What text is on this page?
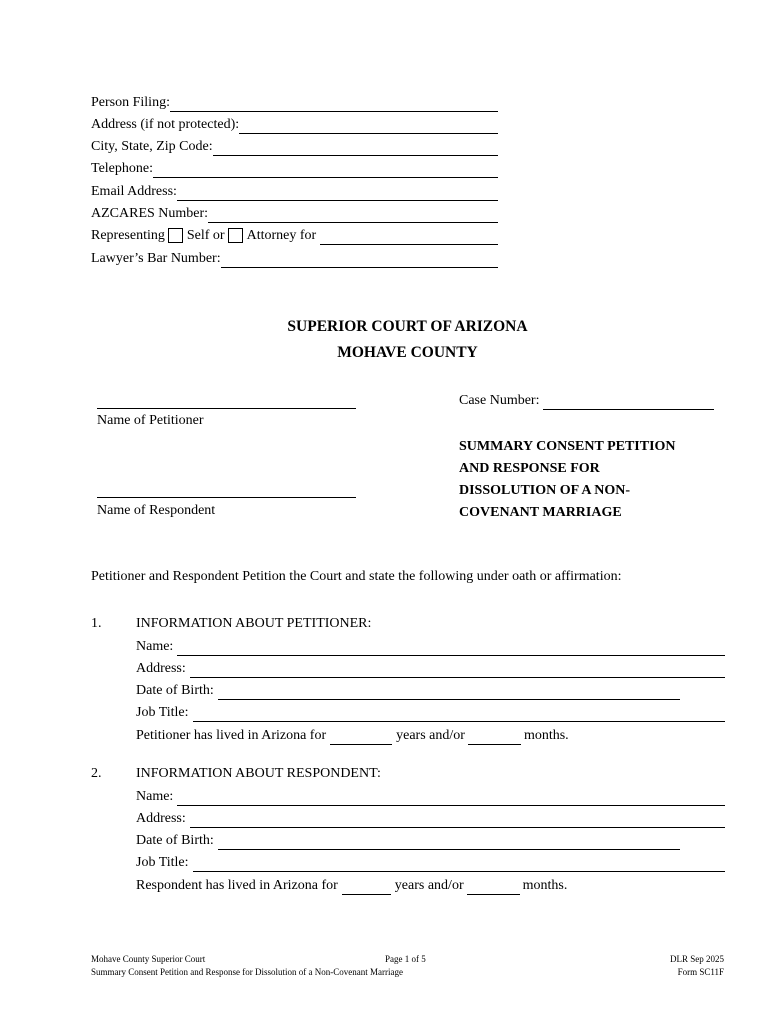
Person Filing:
Address (if not protected):
City, State, Zip Code:
Telephone:
Email Address:
AZCARES Number:
Representing Self or Attorney for
Lawyer’s Bar Number:
SUPERIOR COURT OF ARIZONA
MOHAVE COUNTY
Name of Petitioner
Name of Respondent
Case Number:
SUMMARY CONSENT PETITION
AND RESPONSE FOR
DISSOLUTION OF A NON-
COVENANT MARRIAGE
Petitioner and Respondent Petition the Court and state the following under oath or affirmation:
1. INFORMATION ABOUT PETITIONER:
Name:
Address:
Date of Birth:
Job Title:
Petitioner has lived in Arizona for	years and/or	months.
2. INFORMATION ABOUT RESPONDENT:
Name:
Address:
Date of Birth:
Job Title:
Respondent has lived in Arizona for	years and/or	months.
Mohave County Superior Court
Summary Consent Petition and Response for Dissolution of a Non-Covenant Marriage
Page 1 of 5	DLR Sep 2025
Form SC11F
